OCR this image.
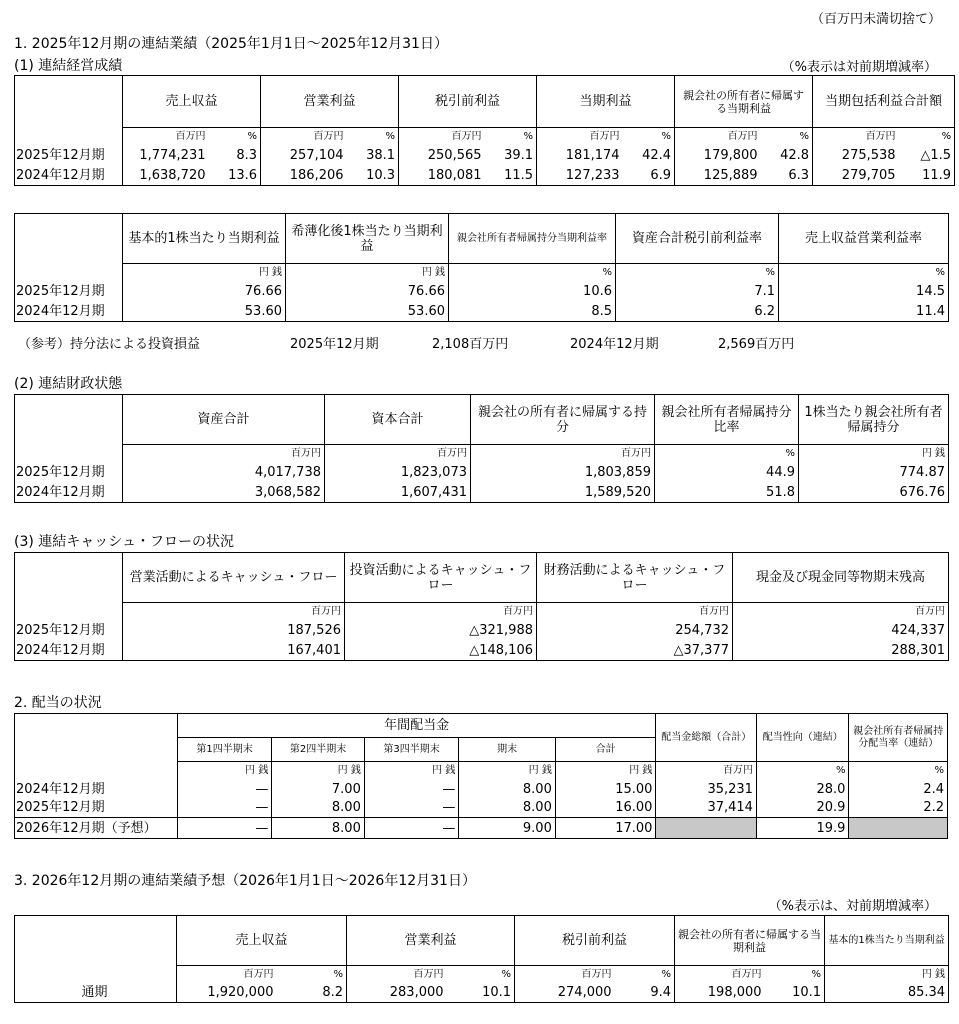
（百万円未満切捨て）
1. 2025年12月期の連結業績（2025年1月1日～2025年12月31日）
(1) 連結経営成績	（%表示は対前期増減率）
	売上収益		営業利益		税引前利益		当期利益		親会社の所有者に帰属する当期利益		当期包括利益合計額	
	百万円	%	百万円	%	百万円	%	百万円	%	百万円	%	百万円	%
2025年12月期	1,774,231	8.3	257,104	38.1	250,565	39.1	181,174	42.4	179,800	42.8	275,538	△1.5
2024年12月期	1,638,720	13.6	186,206	10.3	180,081	11.5	127,233	6.9	125,889	6.3	279,705	11.9
	基本的1株当たり当期利益	希薄化後1株当たり当期利益	親会社所有者帰属持分当期利益率	資産合計税引前利益率	売上収益営業利益率
	円 銭	円 銭	%	%	%
2025年12月期	76.66	76.66	10.6	7.1	14.5
2024年12月期	53.60	53.60	8.5	6.2	11.4
（参考）持分法による投資損益	2025年12月期	2,108百万円	2024年12月期	2,569百万円
(2) 連結財政状態
	資産合計	資本合計	親会社の所有者に帰属する持分	親会社所有者帰属持分比率	1株当たり親会社所有者帰属持分
	百万円	百万円	百万円	%	円 銭
2025年12月期	4,017,738	1,823,073	1,803,859	44.9	774.87
2024年12月期	3,068,582	1,607,431	1,589,520	51.8	676.76
(3) 連結キャッシュ・フローの状況
	営業活動によるキャッシュ・フロー	投資活動によるキャッシュ・フロー	財務活動によるキャッシュ・フロー	現金及び現金同等物期末残高
	百万円	百万円	百万円	百万円
2025年12月期	187,526	△321,988	254,732	424,337
2024年12月期	167,401	△148,106	△37,377	288,301
2. 配当の状況
	年間配当金					配当金総額（合計）	配当性向（連結）	親会社所有者帰属持分配当率（連結）
	第1四半期末	第2四半期末	第3四半期末	期末	合計			
	円 銭	円 銭	円 銭	円 銭	円 銭	百万円	%	%
2024年12月期	—	7.00	—	8.00	15.00	35,231	28.0	2.4
2025年12月期	—	8.00	—	8.00	16.00	37,414	20.9	2.2
2026年12月期（予想）	—	8.00	—	9.00	17.00		19.9	
3. 2026年12月期の連結業績予想（2026年1月1日～2026年12月31日）
（%表示は、対前期増減率）
	売上収益		営業利益		税引前利益		親会社の所有者に帰属する当期利益		基本的1株当たり当期利益
	百万円	%	百万円	%	百万円	%	百万円	%	円 銭
通期	1,920,000	8.2	283,000	10.1	274,000	9.4	198,000	10.1	85.34
